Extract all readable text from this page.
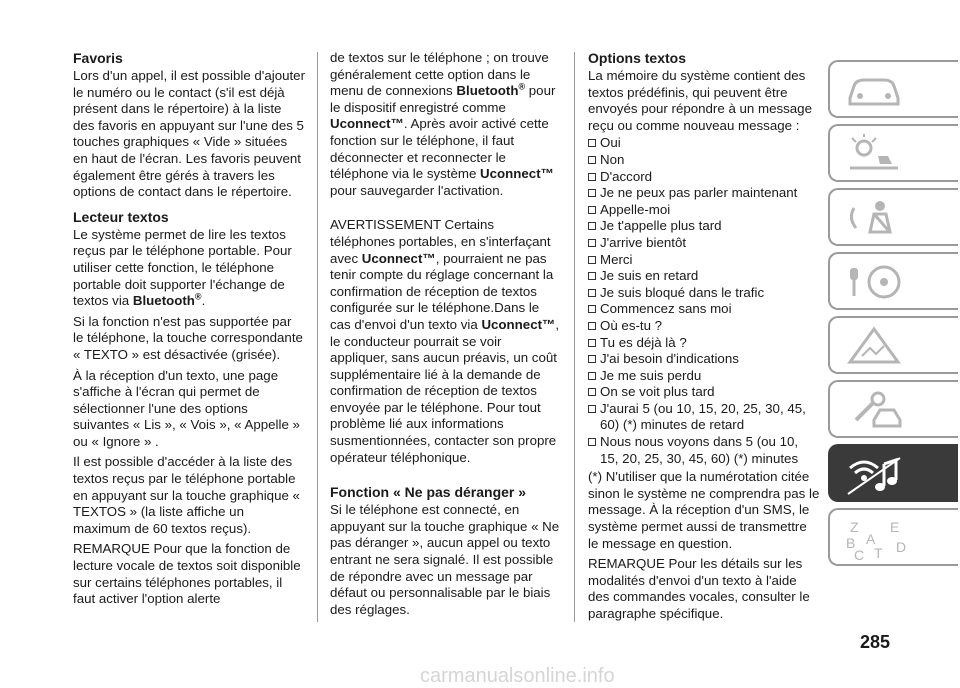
Favoris

Lors d'un appel, il est possible d'ajouter le numéro ou le contact (s'il est déjà présent dans le répertoire) à la liste des favoris en appuyant sur l'une des 5 touches graphiques « Vide » situées en haut de l'écran. Les favoris peuvent également être gérés à travers les options de contact dans le répertoire.

Lecteur textos

Le système permet de lire les textos reçus par le téléphone portable. Pour utiliser cette fonction, le téléphone portable doit supporter l'échange de textos via Bluetooth®.

Si la fonction n'est pas supportée par le téléphone, la touche correspondante « TEXTO » est désactivée (grisée).

À la réception d'un texto, une page s'affiche à l'écran qui permet de sélectionner l'une des options suivantes « Lis », « Vois », « Appelle » ou « Ignore » .

Il est possible d'accéder à la liste des textos reçus par le téléphone portable en appuyant sur la touche graphique « TEXTOS » (la liste affiche un maximum de 60 textos reçus).

REMARQUE Pour que la fonction de lecture vocale de textos soit disponible sur certains téléphones portables, il faut activer l'option alerte

de textos sur le téléphone ; on trouve généralement cette option dans le menu de connexions Bluetooth® pour le dispositif enregistré comme Uconnect™. Après avoir activé cette fonction sur le téléphone, il faut déconnecter et reconnecter le téléphone via le système Uconnect™ pour sauvegarder l'activation.

AVERTISSEMENT Certains téléphones portables, en s'interfaçant avec Uconnect™, pourraient ne pas tenir compte du réglage concernant la confirmation de réception de textos configurée sur le téléphone.Dans le cas d'envoi d'un texto via Uconnect™, le conducteur pourrait se voir appliquer, sans aucun préavis, un coût supplémentaire lié à la demande de confirmation de réception de textos envoyée par le téléphone. Pour tout problème lié aux informations susmentionnées, contacter son propre opérateur téléphonique.

Fonction « Ne pas déranger »

Si le téléphone est connecté, en appuyant sur la touche graphique « Ne pas déranger », aucun appel ou texto entrant ne sera signalé. Il est possible de répondre avec un message par défaut ou personnalisable par le biais des réglages.

Options textos

La mémoire du système contient des textos prédéfinis, qui peuvent être envoyés pour répondre à un message reçu ou comme nouveau message :

Oui
Non
D'accord
Je ne peux pas parler maintenant
Appelle-moi
Je t'appelle plus tard
J'arrive bientôt
Merci
Je suis en retard
Je suis bloqué dans le trafic
Commencez sans moi
Où es-tu ?
Tu es déjà là ?
J'ai besoin d'indications
Je me suis perdu
On se voit plus tard
J'aurai 5 (ou 10, 15, 20, 25, 30, 45, 60) (*) minutes de retard
Nous nous voyons dans 5 (ou 10, 15, 20, 25, 30, 45, 60) (*) minutes

(*) N'utiliser que la numérotation citée sinon le système ne comprendra pas le message. À la réception d'un SMS, le système permet aussi de transmettre le message en question.

REMARQUE Pour les détails sur les modalités d'envoi d'un texto à l'aide des commandes vocales, consulter le paragraphe spécifique.

Z E
B A
C T D
285
carmanualsonline.info
